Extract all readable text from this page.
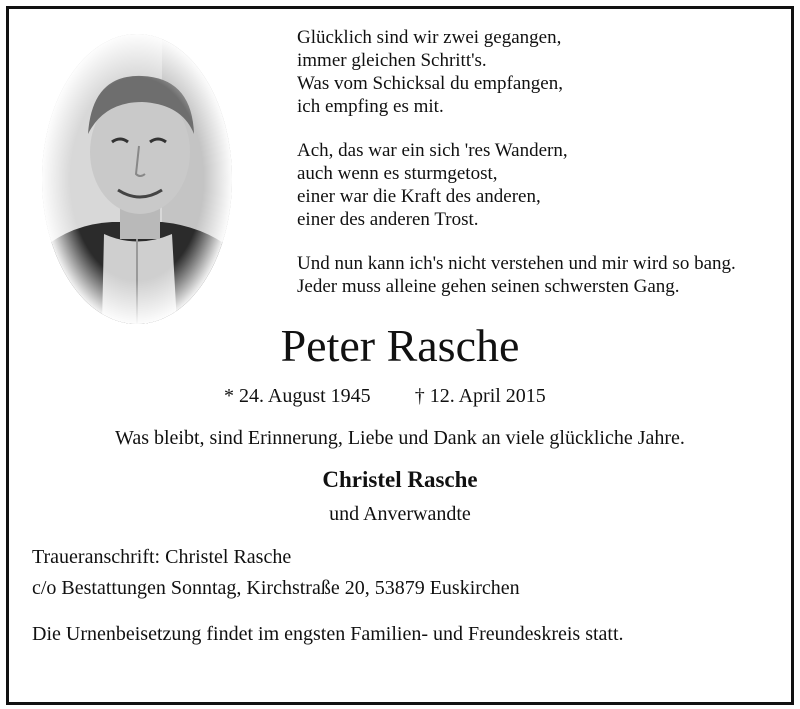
Glücklich sind wir zwei gegangen,
immer gleichen Schritt's.
Was vom Schicksal du empfangen,
ich empfing es mit.
Ach, das war ein sich 'res Wandern,
auch wenn es sturmgetost,
einer war die Kraft des anderen,
einer des anderen Trost.
Und nun kann ich's nicht verstehen und mir wird so bang.
Jeder muss alleine gehen seinen schwersten Gang.
Peter Rasche
* 24. August 1945 † 12. April 2015
Was bleibt, sind Erinnerung, Liebe und Dank an viele glückliche Jahre.
Christel Rasche
und Anverwandte
Traueranschrift: Christel Rasche
c/o Bestattungen Sonntag, Kirchstraße 20, 53879 Euskirchen
Die Urnenbeisetzung findet im engsten Familien- und Freundeskreis statt.
